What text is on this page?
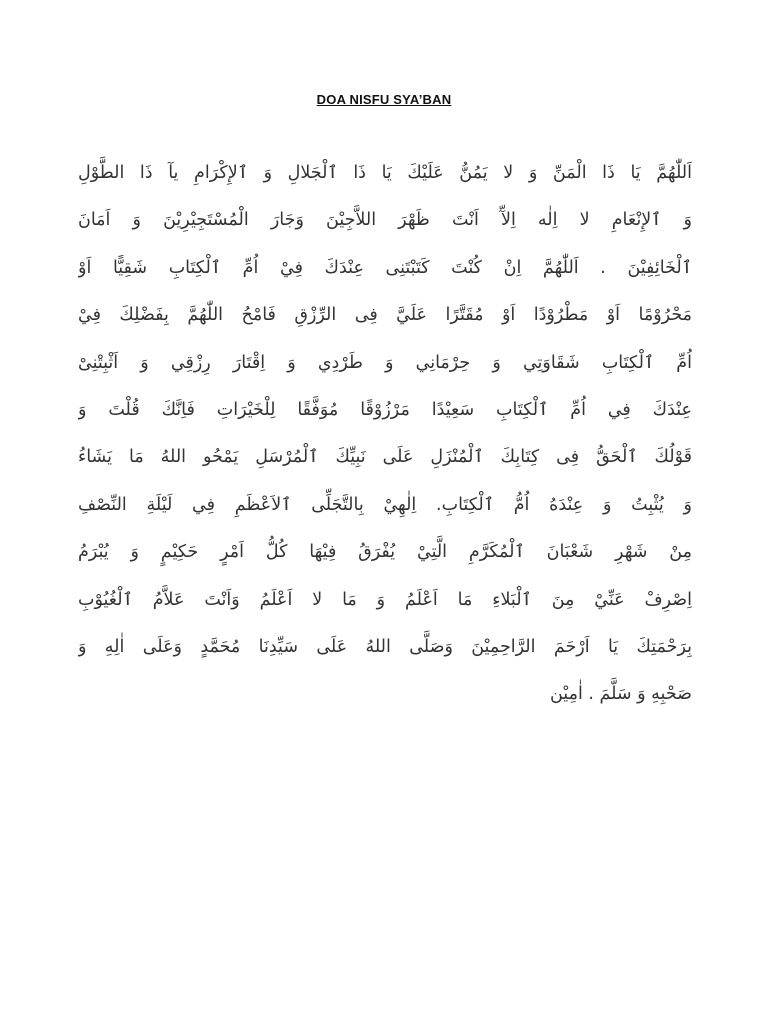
DOA NISFU SYA’BAN
اَللّٰهُمَّ يَا ذَا الْمَنِّ وَ لا يَمُنُّ عَلَيْكَ يَا ذَا ٱلْجَلالِ وَ ٱلإِكْرَامِ يآ ذَا الطَّوْلِ
وَ ٱلإِنْعَامِ لا اِلٰه اِلآّ اَنْتَ ظَهْرَ اللاَّجِيْنَ وَجَارَ الْمُسْتَجِيْرِيْنَ وَ اَمَانَ
ٱلْخَائِفِيْنَ . اَللّٰهُمَّ اِنْ كُنْتَ كَتَبْتَنِى عِنْدَكَ فِيْ اُمِّ ٱلْكِتَابِ شَقِيًّا اَوْ
مَحْرُوْمًا اَوْ مَطْرُوْدًا اَوْ مُقَتَّرًا عَلَيَّ فِى الرِّزْقِ فَامْحُ اللّٰهُمَّ بِفَضْلِكَ فِيْ
اُمِّ ٱلْكِتَابِ شَقَاوَتِي وَ حِرْمَانِي وَ طَرْدِي وَ اِقْتَارَ رِزْقِي وَ اَثْبِتْنِىْ
عِنْدَكَ فِي اُمِّ ٱلْكِتَابِ سَعِيْدًا مَرْزُوْقًا مُوَفَّقًا لِلْخَيْرَاتِ فَاِنَّكَ قُلْتَ وَ
قَوْلُكَ ٱلْحَقُّ فِى كِتَابِكَ ٱلْمُنْزَلِ عَلَى نَبِيِّكَ ٱلْمُرْسَلِ يَمْحُو اللهُ مَا يَشَاءُ
وَ يُثْبِتُ وَ عِنْدَهُ اُمُّ ٱلْكِتَابِ. اِلٰهِيْ بِالتَّجَلِّى ٱلاَعْظَمِ فِي لَيْلَةِ النِّصْفِ
مِنْ شَهْرِ شَعْبَانَ ٱلْمُكَرَّمِ الَّتِيْ يُفْرَقُ فِيْهَا كُلُّ اَمْرٍ حَكِيْمٍ وَ يُبْرَمُ
اِصْرِفْ عَنِّيْ مِنَ ٱلْبَلاءِ مَا اَعْلَمُ وَ مَا لا اَعْلَمُ وَاَنْتَ عَلاَّمُ ٱلْغُيُوْبِ
بِرَحْمَتِكَ يَا اَرْحَمَ الرَّاحِمِيْنَ وَصَلَّى اللهُ عَلَى سَيِّدِنَا مُحَمَّدٍ وَعَلَى اٰلِهِ وَ
صَحْبِهِ وَ سَلَّمَ . اٰمِيْن
